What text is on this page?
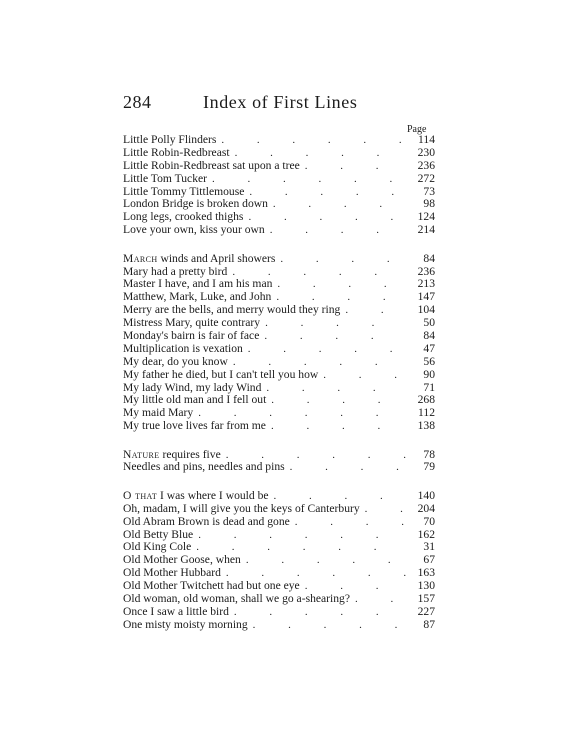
284	Index of First Lines
Page
Little Polly Flinders . . .	114
Little Robin-Redbreast . . .	230
Little Robin-Redbreast sat upon a tree . . .	236
Little Tom Tucker . . .	272
Little Tommy Tittlemouse . . .	73
London Bridge is broken down . . .	98
Long legs, crooked thighs . . .	124
Love your own, kiss your own . . .	214
March winds and April showers . . .	84
Mary had a pretty bird . . .	236
Master I have, and I am his man . . .	213
Matthew, Mark, Luke, and John . . .	147
Merry are the bells, and merry would they ring . . .	104
Mistress Mary, quite contrary . . .	50
Monday's bairn is fair of face . . .	84
Multiplication is vexation . . .	47
My dear, do you know . . .	56
My father he died, but I can't tell you how . . .	90
My lady Wind, my lady Wind . . .	71
My little old man and I fell out . . .	268
My maid Mary . . .	112
My true love lives far from me . . .	138
Nature requires five . . .	78
Needles and pins, needles and pins . . .	79
O that I was where I would be . . .	140
Oh, madam, I will give you the keys of Canterbury . . .	204
Old Abram Brown is dead and gone . . .	70
Old Betty Blue . . .	162
Old King Cole . . .	31
Old Mother Goose, when . . .	67
Old Mother Hubbard . . .	163
Old Mother Twitchett had but one eye . . .	130
Old woman, old woman, shall we go a-shearing? . . .	157
Once I saw a little bird . . .	227
One misty moisty morning . . .	87
